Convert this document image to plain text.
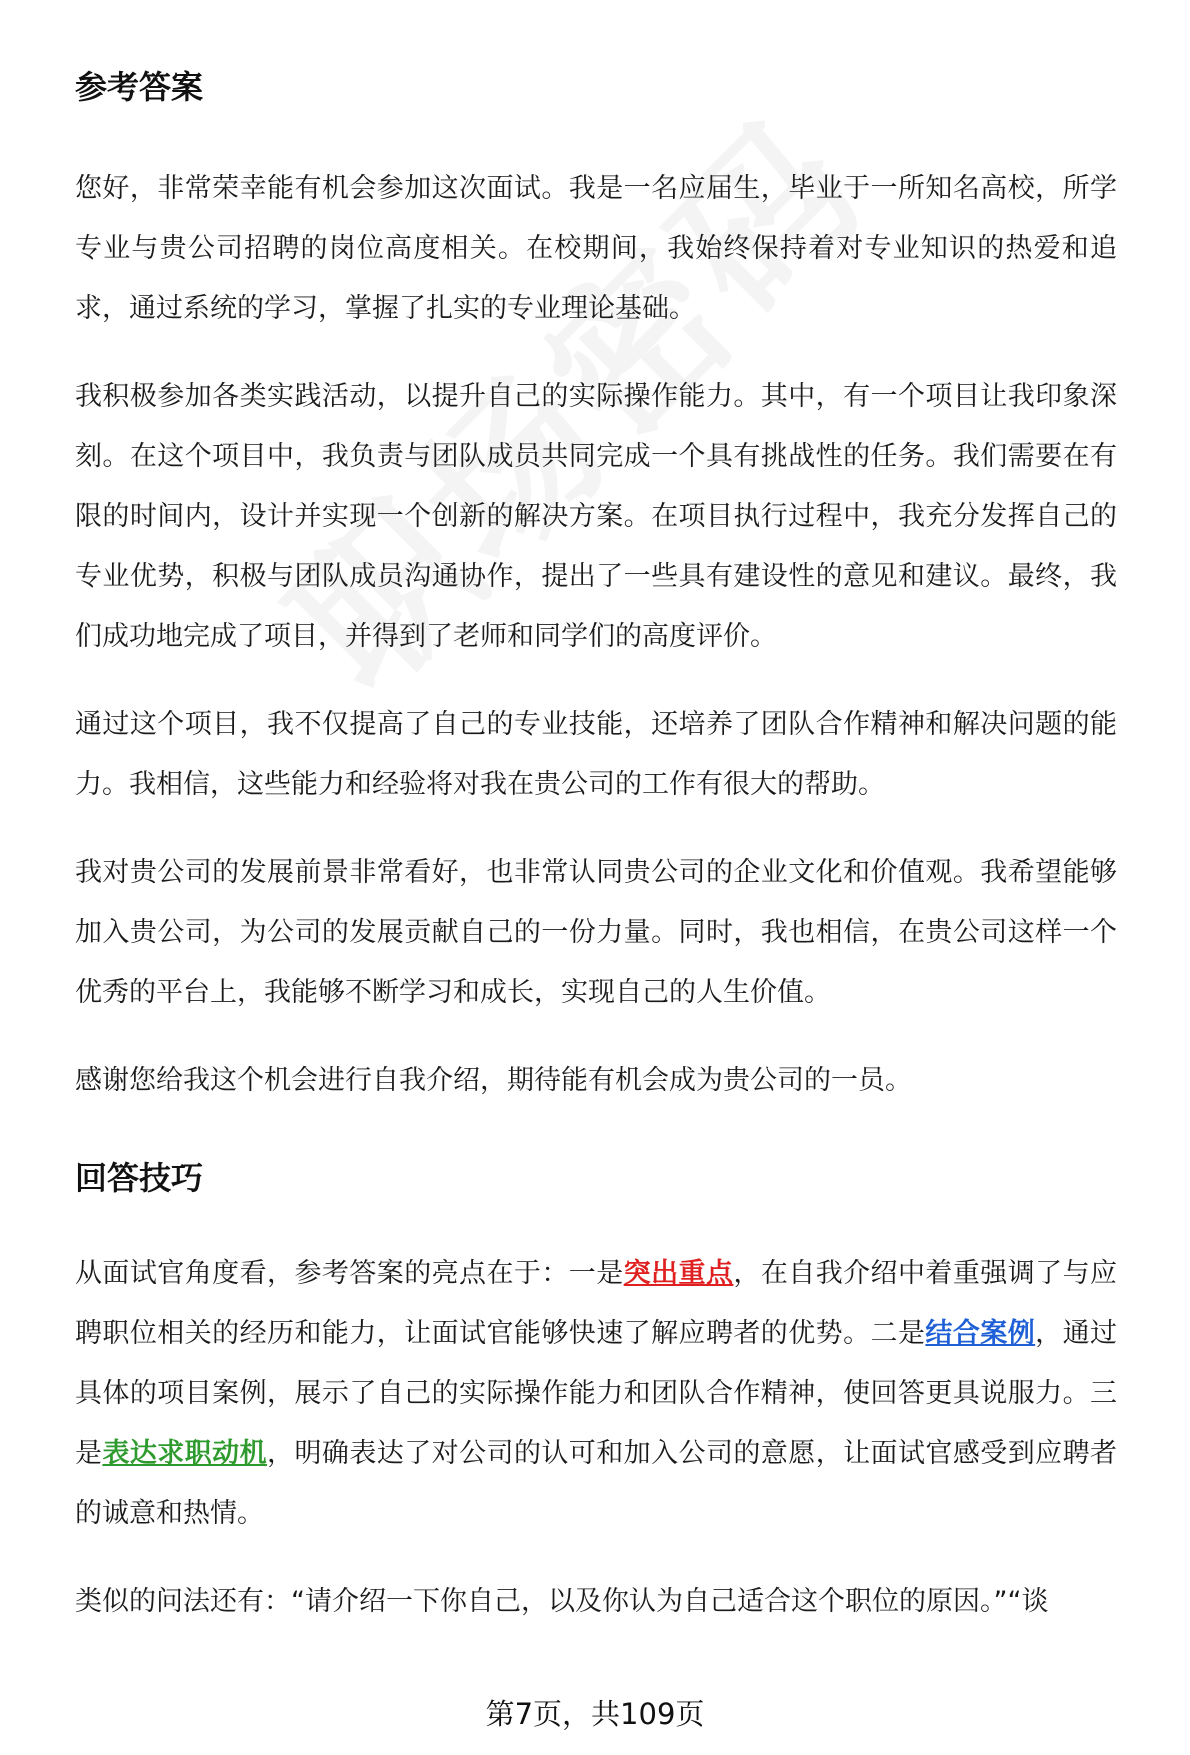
参考答案

您好，非常荣幸能有机会参加这次面试。我是一名应届生，毕业于一所知名高校，所学专业与贵公司招聘的岗位高度相关。在校期间，我始终保持着对专业知识的热爱和追求，通过系统的学习，掌握了扎实的专业理论基础。

我积极参加各类实践活动，以提升自己的实际操作能力。其中，有一个项目让我印象深刻。在这个项目中，我负责与团队成员共同完成一个具有挑战性的任务。我们需要在有限的时间内，设计并实现一个创新的解决方案。在项目执行过程中，我充分发挥自己的专业优势，积极与团队成员沟通协作，提出了一些具有建设性的意见和建议。最终，我们成功地完成了项目，并得到了老师和同学们的高度评价。

通过这个项目，我不仅提高了自己的专业技能，还培养了团队合作精神和解决问题的能力。我相信，这些能力和经验将对我在贵公司的工作有很大的帮助。

我对贵公司的发展前景非常看好，也非常认同贵公司的企业文化和价值观。我希望能够加入贵公司，为公司的发展贡献自己的一份力量。同时，我也相信，在贵公司这样一个优秀的平台上，我能够不断学习和成长，实现自己的人生价值。

感谢您给我这个机会进行自我介绍，期待能有机会成为贵公司的一员。

回答技巧

从面试官角度看，参考答案的亮点在于：一是突出重点，在自我介绍中着重强调了与应聘职位相关的经历和能力，让面试官能够快速了解应聘者的优势。二是结合案例，通过具体的项目案例，展示了自己的实际操作能力和团队合作精神，使回答更具说服力。三是表达求职动机，明确表达了对公司的认可和加入公司的意愿，让面试官感受到应聘者的诚意和热情。

类似的问法还有：“请介绍一下你自己，以及你认为自己适合这个职位的原因。”“谈

第7页，共109页
